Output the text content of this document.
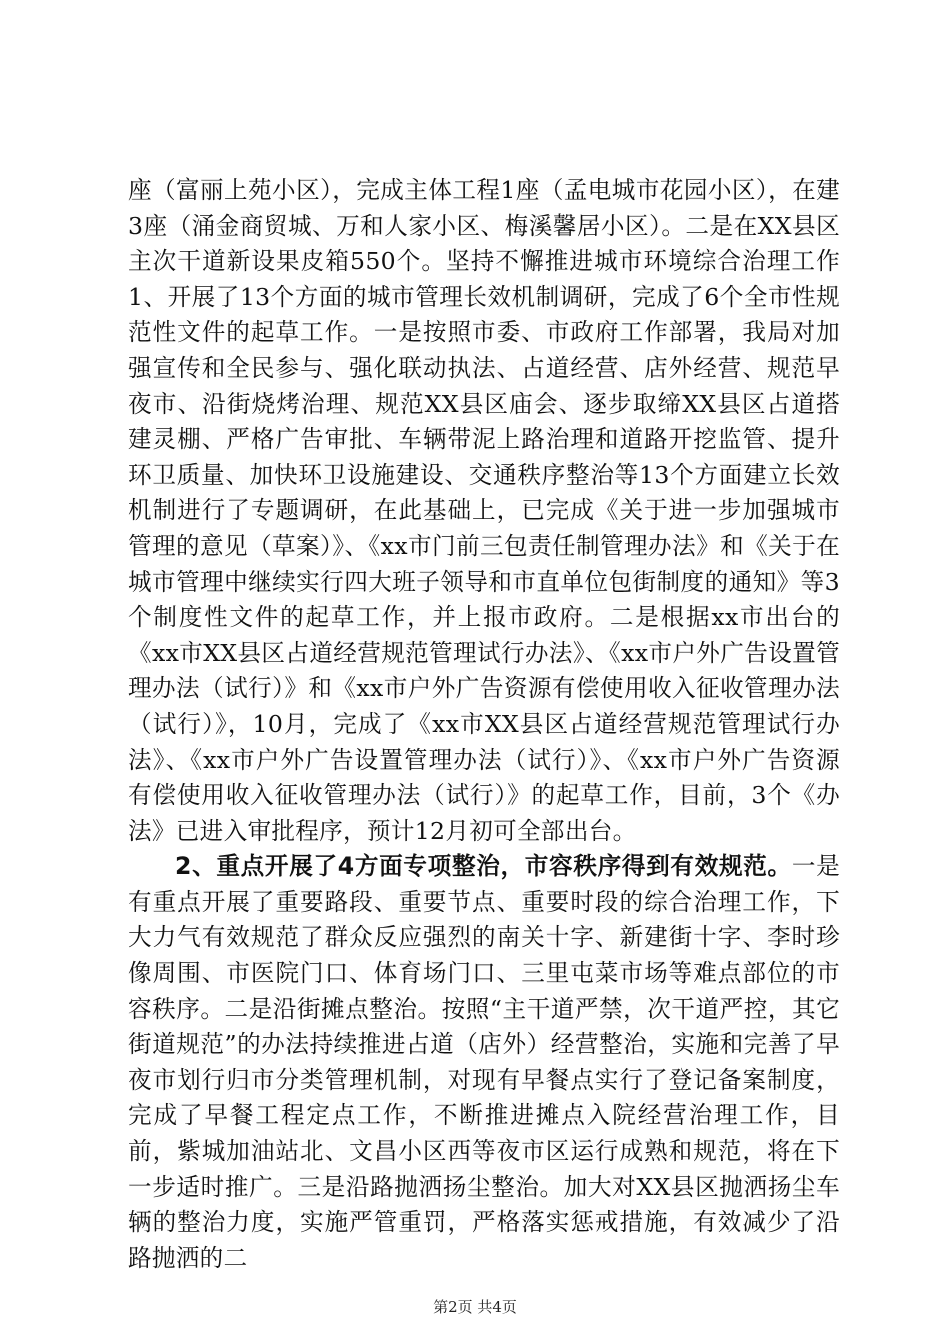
座（富丽上苑小区），完成主体工程1座（孟电城市花园小区），在建3座（涌金商贸城、万和人家小区、梅溪馨居小区）。二是在XX县区主次干道新设果皮箱550个。坚持不懈推进城市环境综合治理工作1、开展了13个方面的城市管理长效机制调研，完成了6个全市性规范性文件的起草工作。一是按照市委、市政府工作部署，我局对加强宣传和全民参与、强化联动执法、占道经营、店外经营、规范早夜市、沿街烧烤治理、规范XX县区庙会、逐步取缔XX县区占道搭建灵棚、严格广告审批、车辆带泥上路治理和道路开挖监管、提升环卫质量、加快环卫设施建设、交通秩序整治等13个方面建立长效机制进行了专题调研，在此基础上，已完成《关于进一步加强城市管理的意见（草案）》、《xx市门前三包责任制管理办法》和《关于在城市管理中继续实行四大班子领导和市直单位包街制度的通知》等3个制度性文件的起草工作，并上报市政府。二是根据xx市出台的《xx市XX县区占道经营规范管理试行办法》、《xx市户外广告设置管理办法（试行）》和《xx市户外广告资源有偿使用收入征收管理办法（试行）》，10月，完成了《xx市XX县区占道经营规范管理试行办法》、《xx市户外广告设置管理办法（试行）》、《xx市户外广告资源有偿使用收入征收管理办法（试行）》的起草工作，目前，3个《办法》已进入审批程序，预计12月初可全部出台。

2、重点开展了4方面专项整治，市容秩序得到有效规范。一是有重点开展了重要路段、重要节点、重要时段的综合治理工作，下大力气有效规范了群众反应强烈的南关十字、新建街十字、李时珍像周围、市医院门口、体育场门口、三里屯菜市场等难点部位的市容秩序。二是沿街摊点整治。按照“主干道严禁，次干道严控，其它街道规范”的办法持续推进占道（店外）经营整治，实施和完善了早夜市划行归市分类管理机制，对现有早餐点实行了登记备案制度，完成了早餐工程定点工作，不断推进摊点入院经营治理工作，目前，紫城加油站北、文昌小区西等夜市区运行成熟和规范，将在下一步适时推广。三是沿路抛洒扬尘整治。加大对XX县区抛洒扬尘车辆的整治力度，实施严管重罚，严格落实惩戒措施，有效减少了沿路抛洒的二

第2页 共4页
